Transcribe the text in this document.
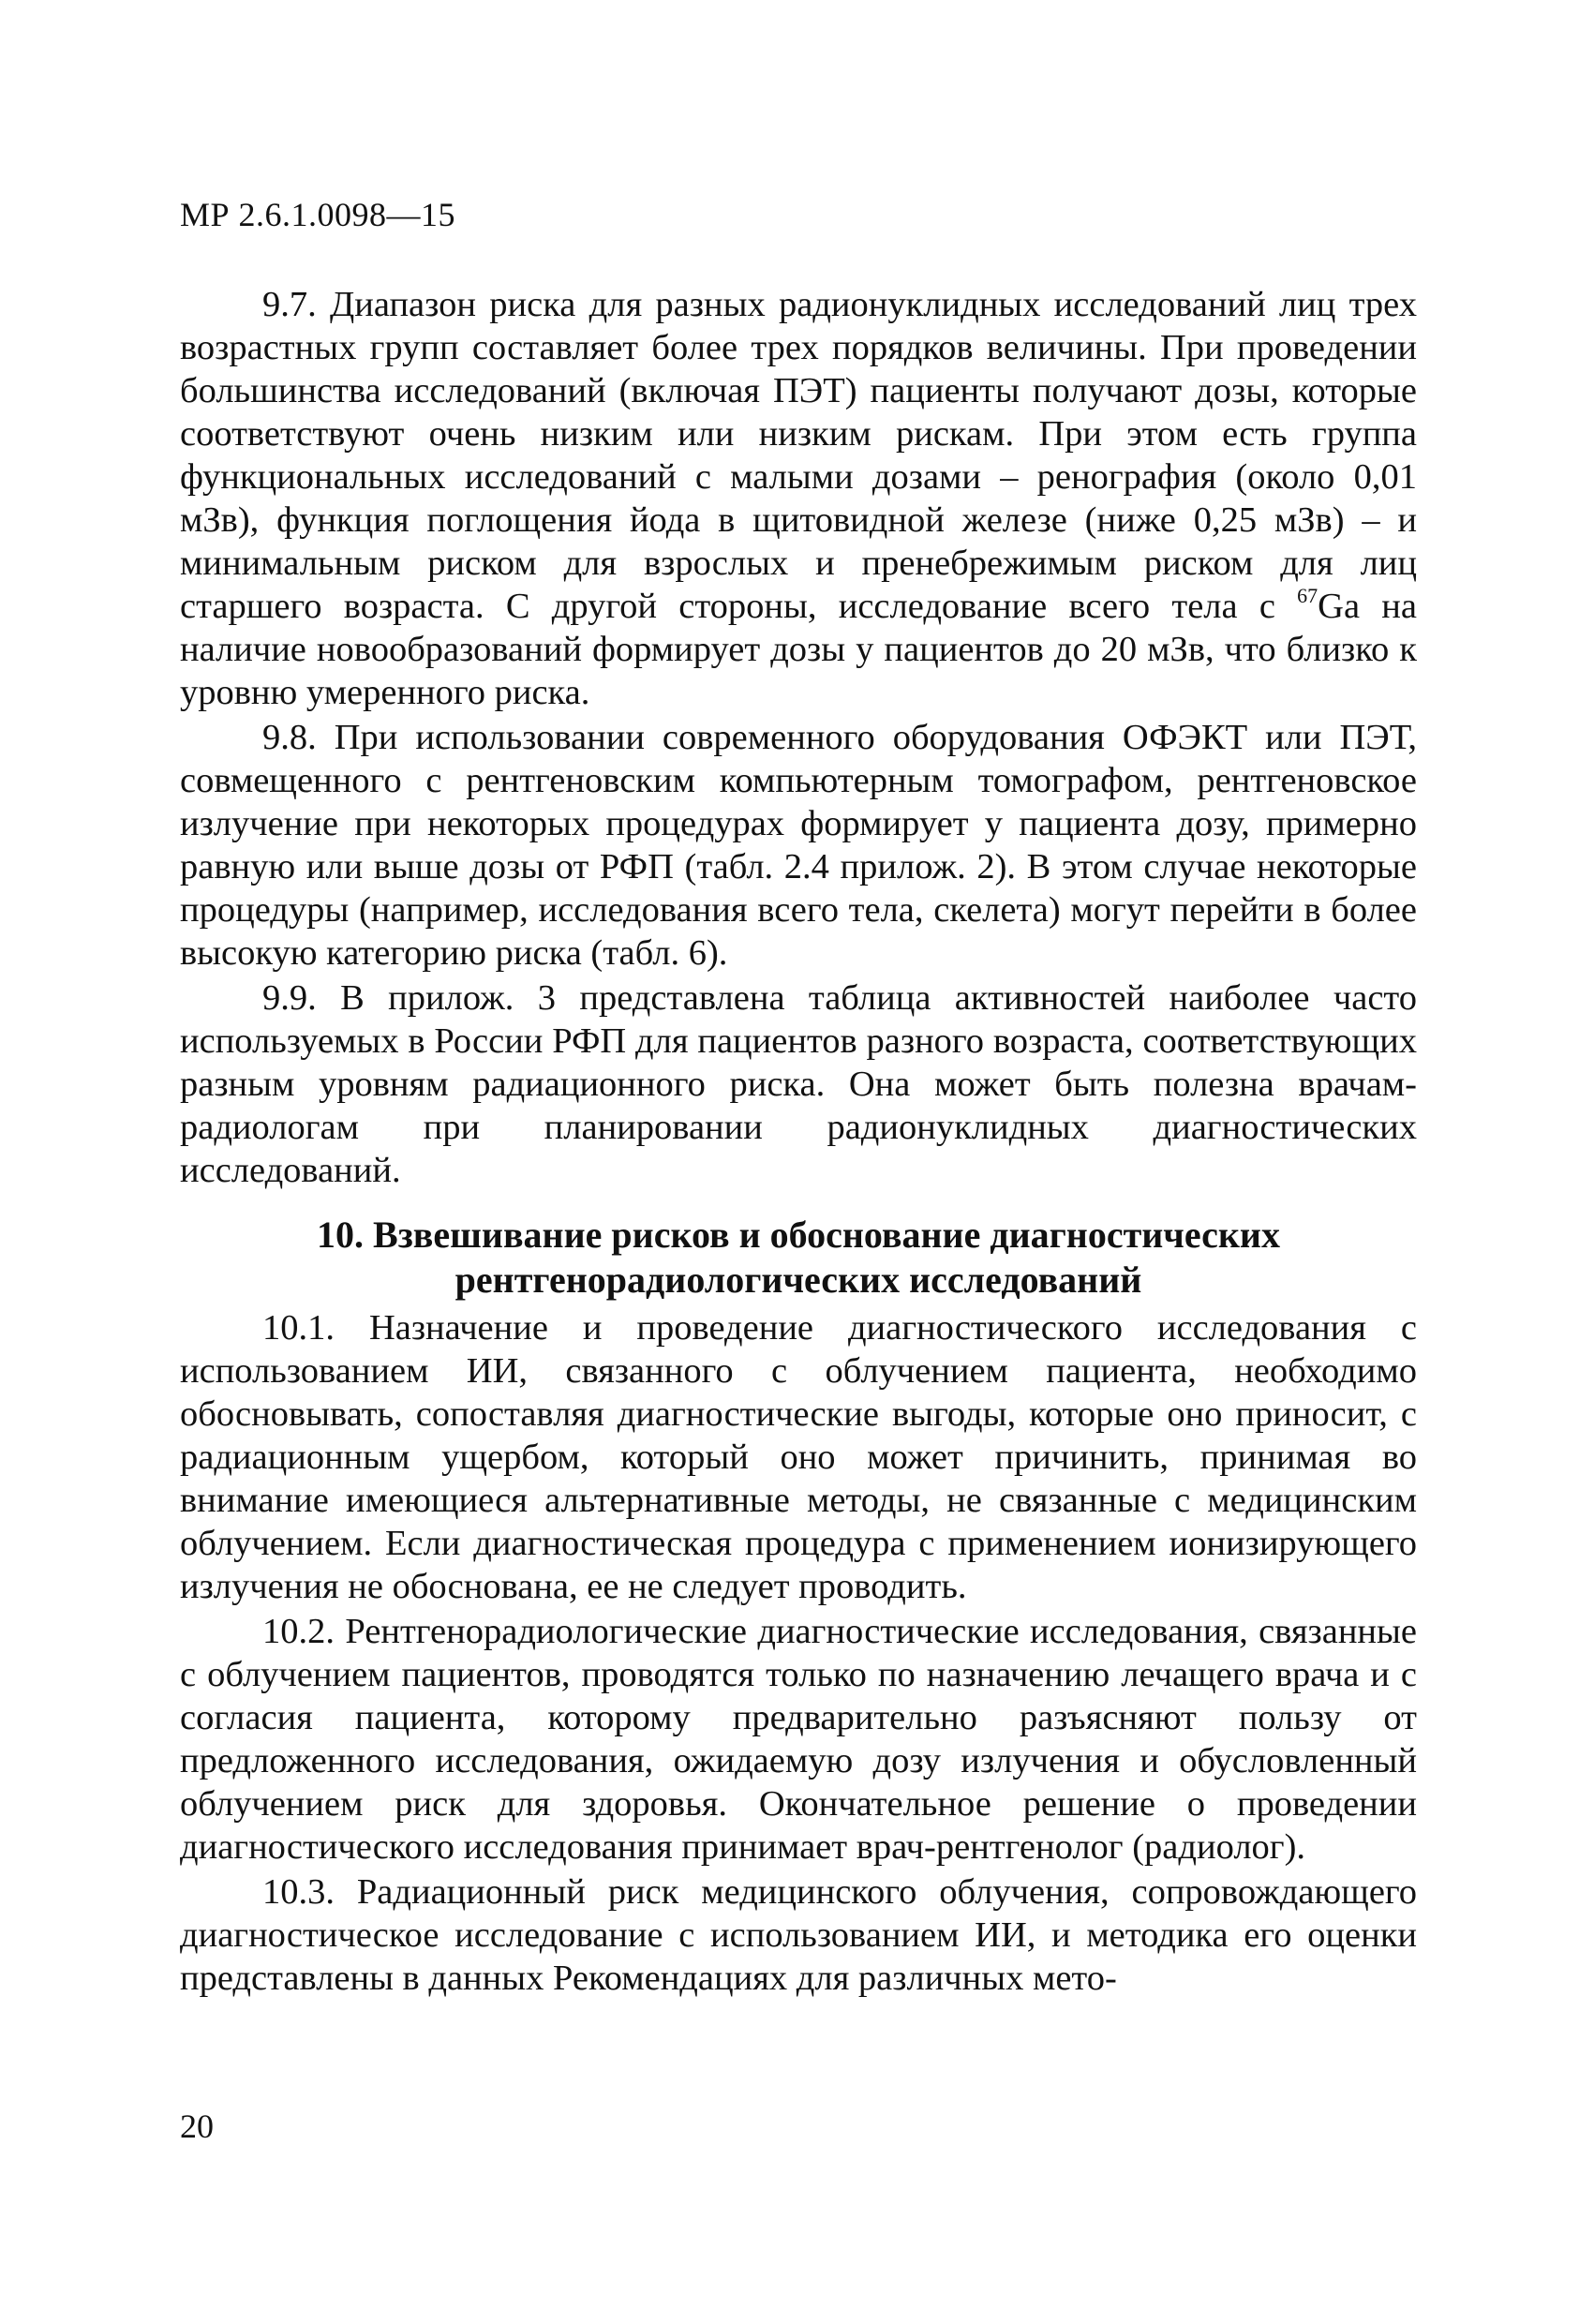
МР 2.6.1.0098—15

9.7. Диапазон риска для разных радионуклидных исследований лиц трех возрастных групп составляет более трех порядков величины. При проведении большинства исследований (включая ПЭТ) пациенты получают дозы, которые соответствуют очень низким или низким рискам. При этом есть группа функциональных исследований с малыми дозами – ренография (около 0,01 мЗв), функция поглощения йода в щитовидной железе (ниже 0,25 мЗв) – и минимальным риском для взрослых и пренебрежимым риском для лиц старшего возраста. С другой стороны, исследование всего тела с $^{67}$Ga на наличие новообразований формирует дозы у пациентов до 20 мЗв, что близко к уровню умеренного риска.

9.8. При использовании современного оборудования ОФЭКТ или ПЭТ, совмещенного с рентгеновским компьютерным томографом, рентгеновское излучение при некоторых процедурах формирует у пациента дозу, примерно равную или выше дозы от РФП (табл. 2.4 прилож. 2). В этом случае некоторые процедуры (например, исследования всего тела, скелета) могут перейти в более высокую категорию риска (табл. 6).

9.9. В прилож. 3 представлена таблица активностей наиболее часто используемых в России РФП для пациентов разного возраста, соответствующих разным уровням радиационного риска. Она может быть полезна врачам-радиологам при планировании радионуклидных диагностических исследований.

10. Взвешивание рисков и обоснование диагностических
рентгенорадиологических исследований

10.1. Назначение и проведение диагностического исследования с использованием ИИ, связанного с облучением пациента, необходимо обосновывать, сопоставляя диагностические выгоды, которые оно приносит, с радиационным ущербом, который оно может причинить, принимая во внимание имеющиеся альтернативные методы, не связанные с медицинским облучением. Если диагностическая процедура с применением ионизирующего излучения не обоснована, ее не следует проводить.

10.2. Рентгенорадиологические диагностические исследования, связанные с облучением пациентов, проводятся только по назначению лечащего врача и с согласия пациента, которому предварительно разъясняют пользу от предложенного исследования, ожидаемую дозу излучения и обусловленный облучением риск для здоровья. Окончательное решение о проведении диагностического исследования принимает врач-рентгенолог (радиолог).

10.3. Радиационный риск медицинского облучения, сопровождающего диагностическое исследование с использованием ИИ, и методика его оценки представлены в данных Рекомендациях для различных мето-

20
